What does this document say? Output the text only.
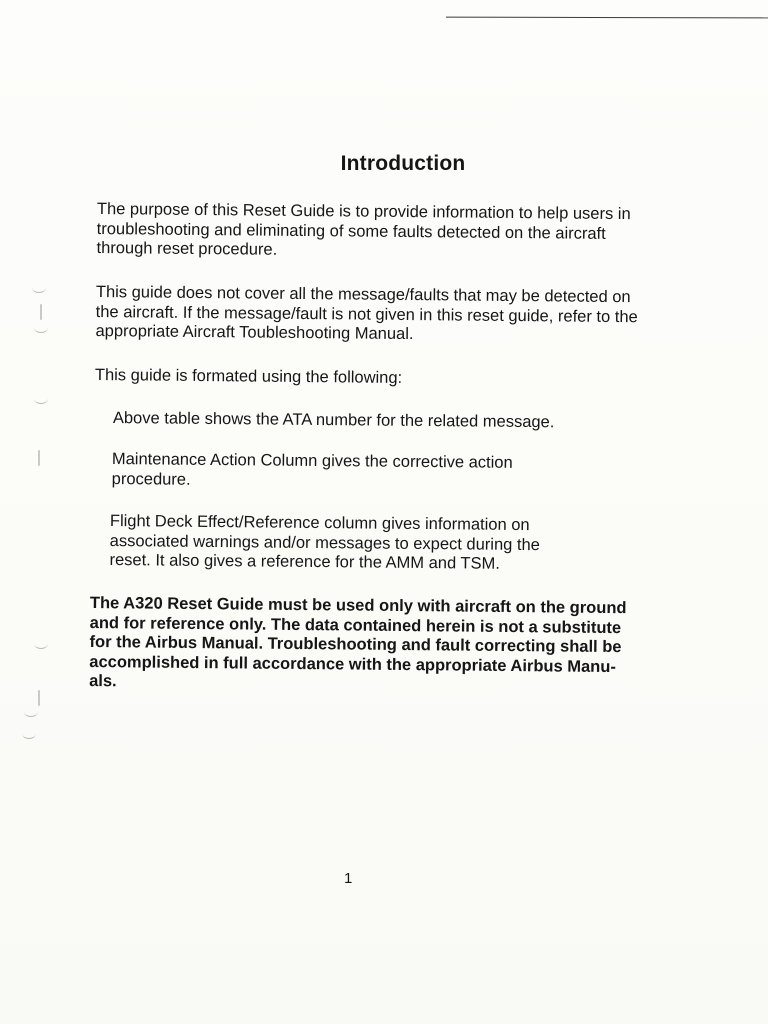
Introduction

The purpose of this Reset Guide is to provide information to help users in
troubleshooting and eliminating of some faults detected on the aircraft
through reset procedure.

This guide does not cover all the message/faults that may be detected on
the aircraft. If the message/fault is not given in this reset guide, refer to the
appropriate Aircraft Toubleshooting Manual.

This guide is formated using the following:

Above table shows the ATA number for the related message.

Maintenance Action Column gives the corrective action
procedure.

Flight Deck Effect/Reference column gives information on
associated warnings and/or messages to expect during the
reset. It also gives a reference for the AMM and TSM.

The A320 Reset Guide must be used only with aircraft on the ground
and for reference only. The data contained herein is not a substitute
for the Airbus Manual. Troubleshooting and fault correcting shall be
accomplished in full accordance with the appropriate Airbus Manu-
als.

1
